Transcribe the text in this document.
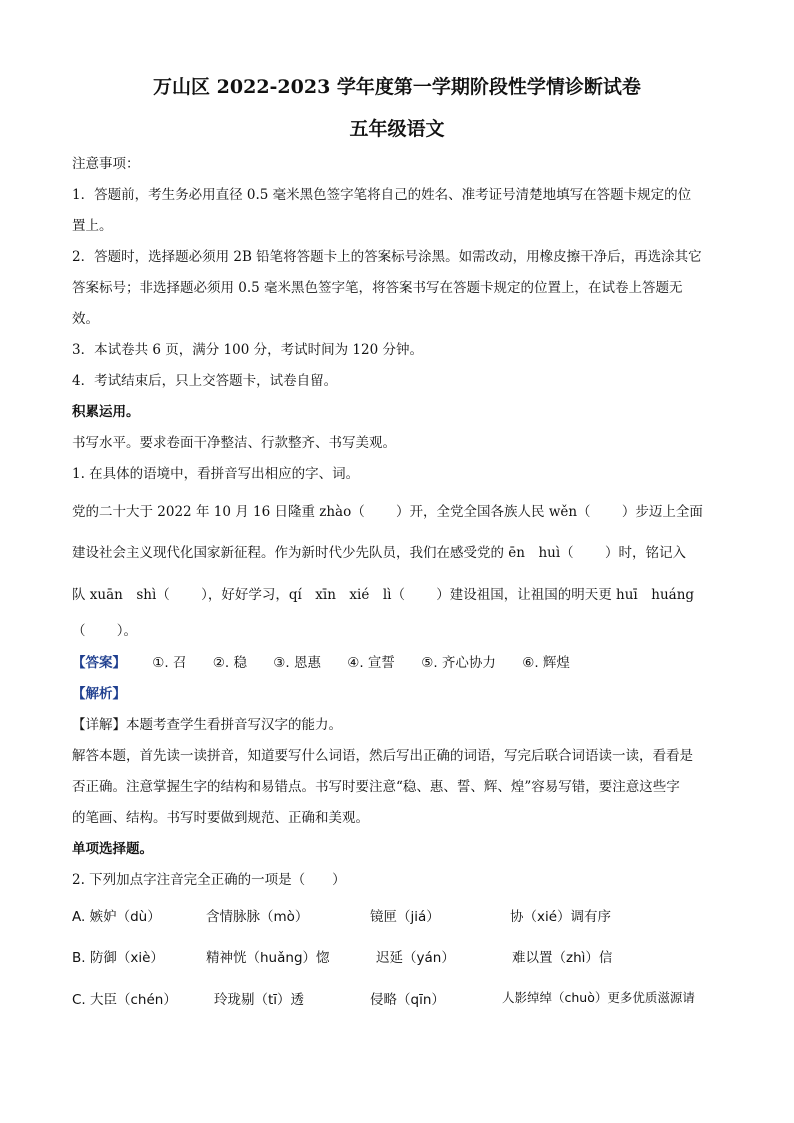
万山区 2022-2023 学年度第一学期阶段性学情诊断试卷
五年级语文
注意事项：
1．答题前，考生务必用直径 0.5 毫米黑色签字笔将自己的姓名、准考证号清楚地填写在答题卡规定的位
置上。
2．答题时，选择题必须用 2B 铅笔将答题卡上的答案标号涂黑。如需改动，用橡皮擦干净后，再选涂其它
答案标号；非选择题必须用 0.5 毫米黑色签字笔，将答案书写在答题卡规定的位置上，在试卷上答题无
效。
3．本试卷共 6 页，满分 100 分，考试时间为 120 分钟。
4．考试结束后，只上交答题卡，试卷自留。
积累运用。
书写水平。要求卷面干净整洁、行款整齐、书写美观。
1. 在具体的语境中，看拼音写出相应的字、词。
党的二十大于 2022 年 10 月 16 日隆重 zhào（　　 ）开，全党全国各族人民 wěn（　　 ）步迈上全面
建设社会主义现代化国家新征程。作为新时代少先队员，我们在感受党的 ēn　huì（　　 ）时，铭记入
队 xuān　shì（　　 ），好好学习，qí　xīn　xié　lì（　　 ）建设祖国，让祖国的明天更 huī　huáng
（　　 ）。
【答案】 ①. 召 ②. 稳 ③. 恩惠 ④. 宣誓 ⑤. 齐心协力 ⑥. 辉煌
【解析】
【详解】本题考查学生看拼音写汉字的能力。
解答本题，首先读一读拼音，知道要写什么词语，然后写出正确的词语，写完后联合词语读一读，看看是
否正确。注意掌握生字的结构和易错点。书写时要注意“稳、惠、誓、辉、煌”容易写错，要注意这些字
的笔画、结构。书写时要做到规范、正确和美观。
单项选择题。
2. 下列加点字注音完全正确的一项是（　　）
A. 嫉妒（dù）	含情脉脉（mò）	镜匣（jiá）	协（xié）调有序
B. 防御（xiè）	精神恍（huǎng）惚	迟延（yán）	难以置（zhì）信
C. 大臣（chén）	玲珑剔（tī）透	侵略（qīn）	人影绰绰（chuò）更多优质滋源请
